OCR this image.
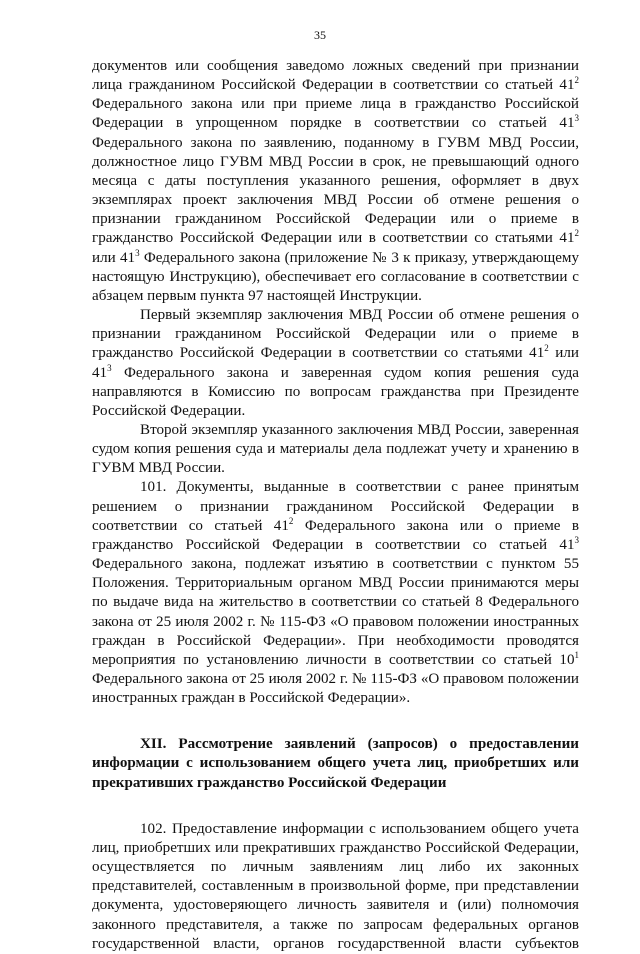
35

документов или сообщения заведомо ложных сведений при признании лица гражданином Российской Федерации в соответствии со статьей $41^2$ Федерального закона или при приеме лица в гражданство Российской Федерации в упрощенном порядке в соответствии со статьей $41^3$ Федерального закона по заявлению, поданному в ГУВМ МВД России, должностное лицо ГУВМ МВД России в срок, не превышающий одного месяца с даты поступления указанного решения, оформляет в двух экземплярах проект заключения МВД России об отмене решения о признании гражданином Российской Федерации или о приеме в гражданство Российской Федерации или в соответствии со статьями $41^2$ или $41^3$ Федерального закона (приложение № 3 к приказу, утверждающему настоящую Инструкцию), обеспечивает его согласование в соответствии с абзацем первым пункта 97 настоящей Инструкции.

Первый экземпляр заключения МВД России об отмене решения о признании гражданином Российской Федерации или о приеме в гражданство Российской Федерации в соответствии со статьями $41^2$ или $41^3$ Федерального закона и заверенная судом копия решения суда направляются в Комиссию по вопросам гражданства при Президенте Российской Федерации.

Второй экземпляр указанного заключения МВД России, заверенная судом копия решения суда и материалы дела подлежат учету и хранению в ГУВМ МВД России.

101. Документы, выданные в соответствии с ранее принятым решением о признании гражданином Российской Федерации в соответствии со статьей $41^2$ Федерального закона или о приеме в гражданство Российской Федерации в соответствии со статьей $41^3$ Федерального закона, подлежат изъятию в соответствии с пунктом 55 Положения. Территориальным органом МВД России принимаются меры по выдаче вида на жительство в соответствии со статьей 8 Федерального закона от 25 июля 2002 г. № 115-ФЗ «О правовом положении иностранных граждан в Российской Федерации». При необходимости проводятся мероприятия по установлению личности в соответствии со статьей $10^1$ Федерального закона от 25 июля 2002 г. № 115-ФЗ «О правовом положении иностранных граждан в Российской Федерации».

XII. Рассмотрение заявлений (запросов) о предоставлении информации с использованием общего учета лиц, приобретших или прекративших гражданство Российской Федерации

102. Предоставление информации с использованием общего учета лиц, приобретших или прекративших гражданство Российской Федерации, осуществляется по личным заявлениям лиц либо их законных представителей, составленным в произвольной форме, при представлении документа, удостоверяющего личность заявителя и (или) полномочия законного представителя, а также по запросам федеральных органов государственной власти, органов государственной власти субъектов
